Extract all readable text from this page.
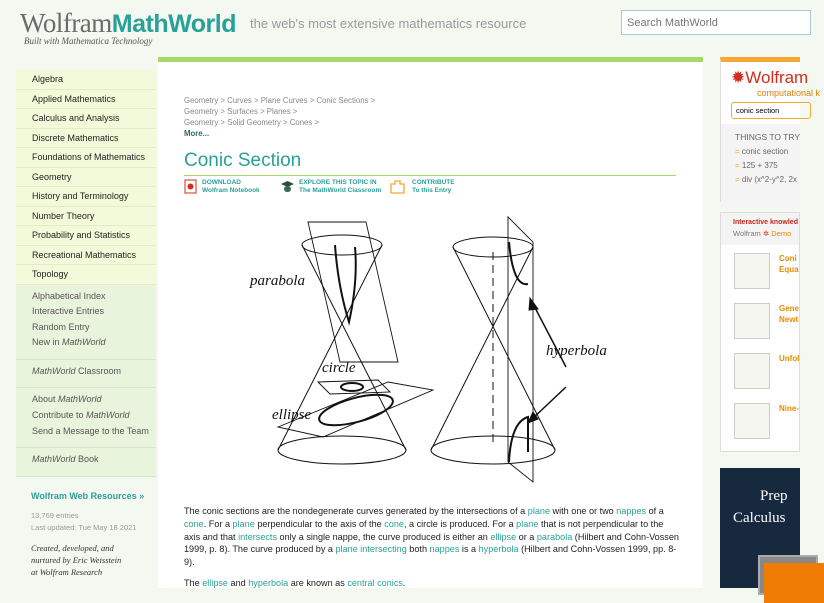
WolframMathWorld
Built with Mathematica Technology
the web's most extensive mathematics resource
Search MathWorld
Algebra
Applied Mathematics
Calculus and Analysis
Discrete Mathematics
Foundations of Mathematics
Geometry
History and Terminology
Number Theory
Probability and Statistics
Recreational Mathematics
Topology
Alphabetical Index
Interactive Entries
Random Entry
New in MathWorld
MathWorld Classroom
About MathWorld
Contribute to MathWorld
Send a Message to the Team
MathWorld Book
Wolfram Web Resources »
13,769 entries
Last updated: Tue May 18 2021
Created, developed, and
nurtured by Eric Weisstein
at Wolfram Research
Geometry > Curves > Plane Curves > Conic Sections >
Geometry > Surfaces > Planes >
Geometry > Solid Geometry > Cones >
More...
Conic Section
DOWNLOAD
Wolfram Notebook
EXPLORE THIS TOPIC IN
The MathWorld Classroom
CONTRIBUTE
To this Entry
parabola
circle
ellipse
hyperbola

The conic sections are the nondegenerate curves generated by the intersections of a plane with one or two nappes of a cone. For a plane perpendicular to the axis of the cone, a circle is produced. For a plane that is not perpendicular to the axis and that intersects only a single nappe, the curve produced is either an ellipse or a parabola (Hilbert and Cohn-Vossen 1999, p. 8). The curve produced by a plane intersecting both nappes is a hyperbola (Hilbert and Cohn-Vossen 1999, pp. 8-9).

The ellipse and hyperbola are known as central conics.

✹Wolfram
computational k
conic section
THINGS TO TRY
= conic section
= 125 + 375
= div (x^2-y^2, 2x
Interactive knowled
Wolfram ✲ Demo
Coni
Equa
Gene
Newt
Unfol
Nine-
Prep
Calculus
